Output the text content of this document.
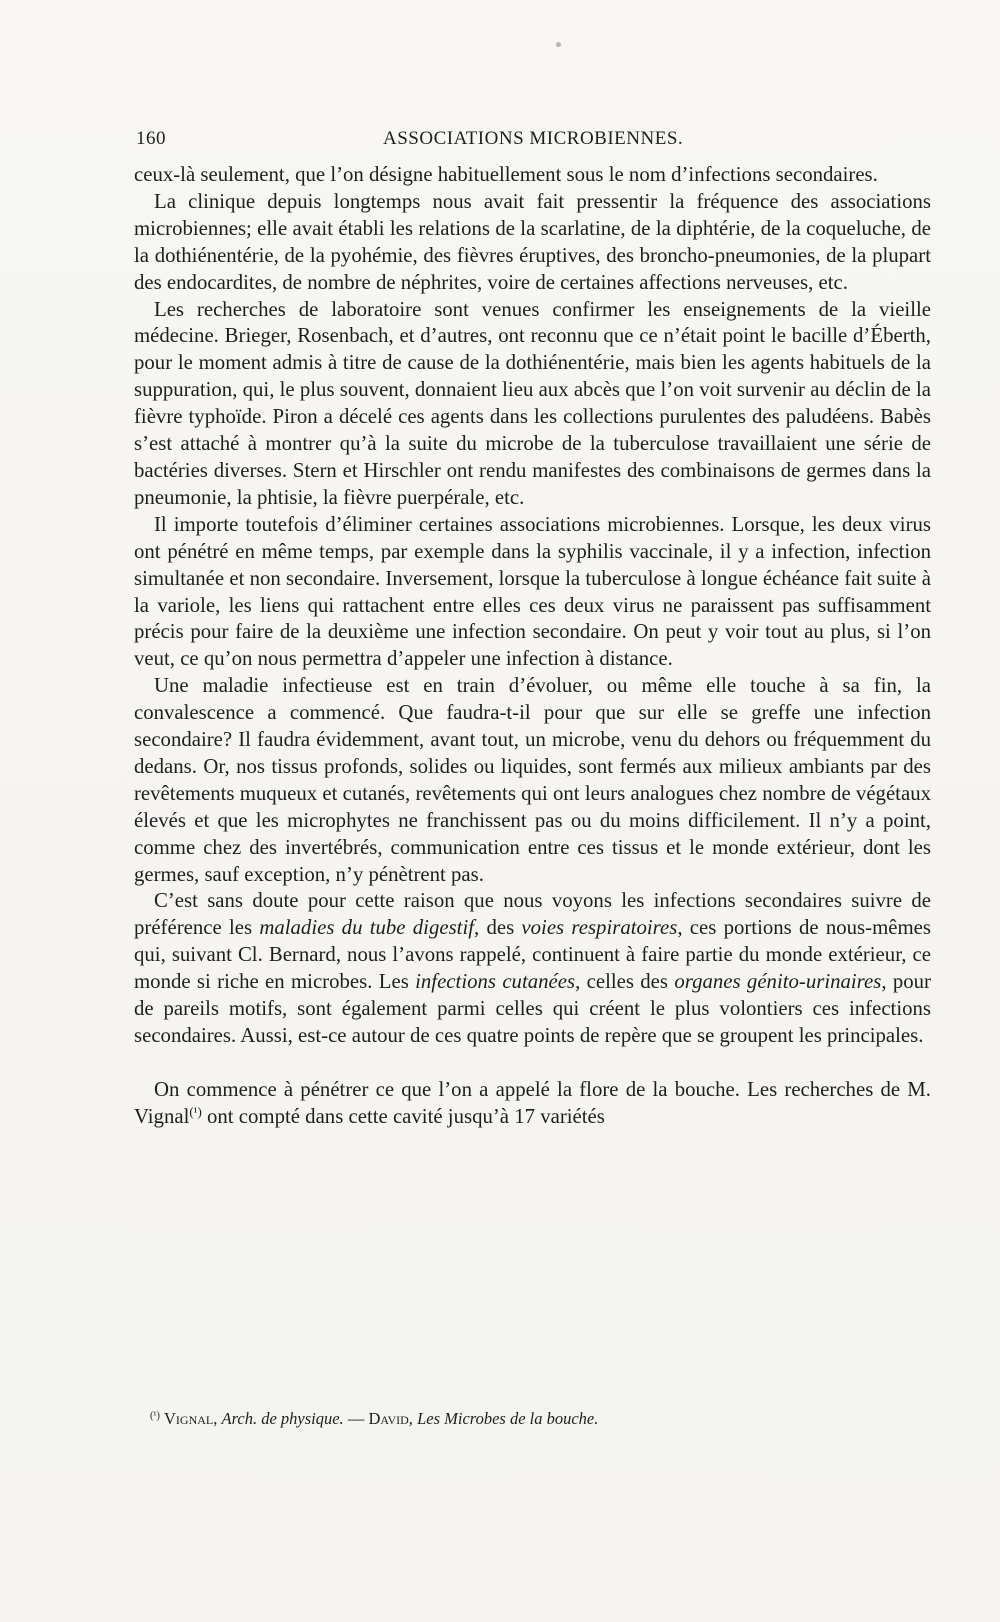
160	ASSOCIATIONS MICROBIENNES.

ceux-là seulement, que l’on désigne habituellement sous le nom d’infections secondaires.

La clinique depuis longtemps nous avait fait pressentir la fréquence des associations microbiennes; elle avait établi les relations de la scarlatine, de la diphtérie, de la coqueluche, de la dothiénentérie, de la pyohémie, des fièvres éruptives, des broncho-pneumonies, de la plupart des endocardites, de nombre de néphrites, voire de certaines affections nerveuses, etc.

Les recherches de laboratoire sont venues confirmer les enseignements de la vieille médecine. Brieger, Rosenbach, et d’autres, ont reconnu que ce n’était point le bacille d’Éberth, pour le moment admis à titre de cause de la dothiénentérie, mais bien les agents habituels de la suppuration, qui, le plus souvent, donnaient lieu aux abcès que l’on voit survenir au déclin de la fièvre typhoïde. Piron a décelé ces agents dans les collections purulentes des paludéens. Babès s’est attaché à montrer qu’à la suite du microbe de la tuberculose travaillaient une série de bactéries diverses. Stern et Hirschler ont rendu manifestes des combinaisons de germes dans la pneumonie, la phtisie, la fièvre puerpérale, etc.

Il importe toutefois d’éliminer certaines associations microbiennes. Lorsque, les deux virus ont pénétré en même temps, par exemple dans la syphilis vaccinale, il y a infection, infection simultanée et non secondaire. Inversement, lorsque la tuberculose à longue échéance fait suite à la variole, les liens qui rattachent entre elles ces deux virus ne paraissent pas suffisamment précis pour faire de la deuxième une infection secondaire. On peut y voir tout au plus, si l’on veut, ce qu’on nous permettra d’appeler une infection à distance.

Une maladie infectieuse est en train d’évoluer, ou même elle touche à sa fin, la convalescence a commencé. Que faudra-t-il pour que sur elle se greffe une infection secondaire? Il faudra évidemment, avant tout, un microbe, venu du dehors ou fréquemment du dedans. Or, nos tissus profonds, solides ou liquides, sont fermés aux milieux ambiants par des revêtements muqueux et cutanés, revêtements qui ont leurs analogues chez nombre de végétaux élevés et que les microphytes ne franchissent pas ou du moins difficilement. Il n’y a point, comme chez des invertébrés, communication entre ces tissus et le monde extérieur, dont les germes, sauf exception, n’y pénètrent pas.

C’est sans doute pour cette raison que nous voyons les infections secondaires suivre de préférence les maladies du tube digestif, des voies respiratoires, ces portions de nous-mêmes qui, suivant Cl. Bernard, nous l’avons rappelé, continuent à faire partie du monde extérieur, ce monde si riche en microbes. Les infections cutanées, celles des organes génito-urinaires, pour de pareils motifs, sont également parmi celles qui créent le plus volontiers ces infections secondaires. Aussi, est-ce autour de ces quatre points de repère que se groupent les principales.

On commence à pénétrer ce que l’on a appelé la flore de la bouche. Les recherches de M. Vignal$^{(^1)}$ ont compté dans cette cavité jusqu’à 17 variétés

$^{(^1)}$ Vignal, Arch. de physique. — David, Les Microbes de la bouche.
